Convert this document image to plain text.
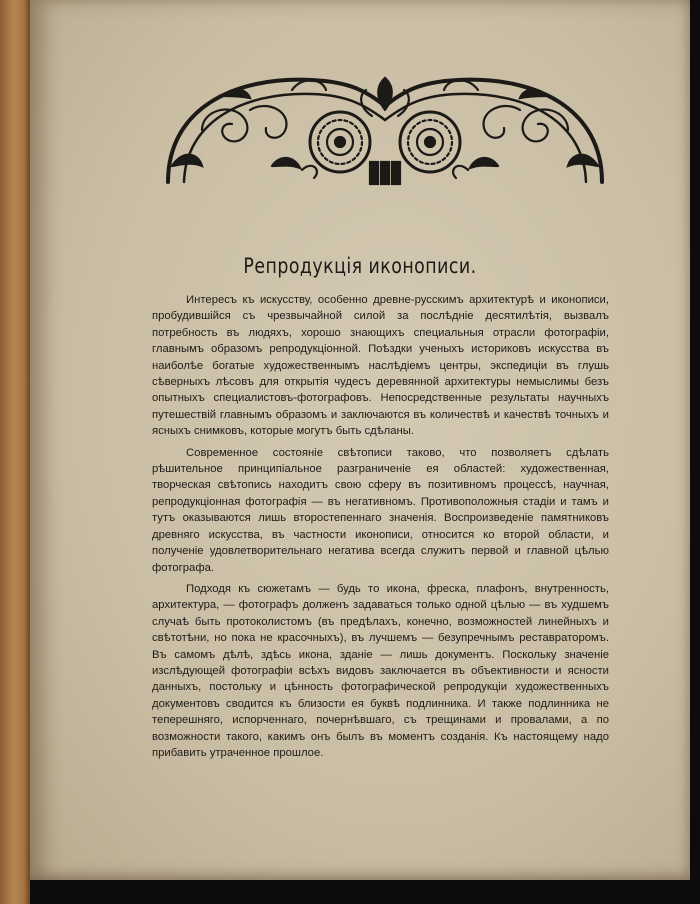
Репродукція иконописи.

Интересъ къ искусству, особенно древне-русскимъ архитектурѣ и иконописи, пробудившійся съ чрезвычайной силой за послѣдніе десятилѣтія, вызвалъ потребность въ людяхъ, хорошо знающихъ специальныя отрасли фотографіи, главнымъ образомъ репродукціонной. Поѣздки ученыхъ историковъ искусства въ наиболѣе богатые художественнымъ наслѣдіемъ центры, экспедиціи въ глушь сѣверныхъ лѣсовъ для открытія чудесъ деревянной архитектуры немыслимы безъ опытныхъ специалистовъ-фотографовъ. Непосредственные результаты научныхъ путешествій главнымъ образомъ и заключаются въ количествѣ и качествѣ точныхъ и ясныхъ снимковъ, которые могутъ быть сдѣланы.

Современное состояніе свѣтописи таково, что позволяетъ сдѣлать рѣшительное принципіальное разграниченіе ея областей: художественная, творческая свѣтопись находитъ свою сферу въ позитивномъ процессѣ, научная, репродукціонная фотографія — въ негативномъ. Противоположныя стадіи и тамъ и тутъ оказываются лишь второстепеннаго значенія. Воспроизведеніе памятниковъ древняго искусства, въ частности иконописи, относится ко второй области, и полученіе удовлетворительнаго негатива всегда служитъ первой и главной цѣлью фотографа.

Подходя къ сюжетамъ — будь то икона, фреска, плафонъ, внутренность, архитектура, — фотографъ долженъ задаваться только одной цѣлью — въ худшемъ случаѣ быть протоколистомъ (въ предѣлахъ, конечно, возможностей линейныхъ и свѣтотѣни, но пока не красочныхъ), въ лучшемъ — безупречнымъ реставраторомъ. Въ самомъ дѣлѣ, здѣсь икона, зданіе — лишь документъ. Поскольку значеніе изслѣдующей фотографіи всѣхъ видовъ заключается въ объективности и ясности данныхъ, постольку и цѣнность фотографической репродукціи художественныхъ документовъ сводится къ близости ея буквѣ подлинника. И также подлинника не теперешняго, испорченнаго, почернѣвшаго, съ трещинами и провалами, а по возможности такого, какимъ онъ былъ въ моментъ созданія. Къ настоящему надо прибавить утраченное прошлое.
